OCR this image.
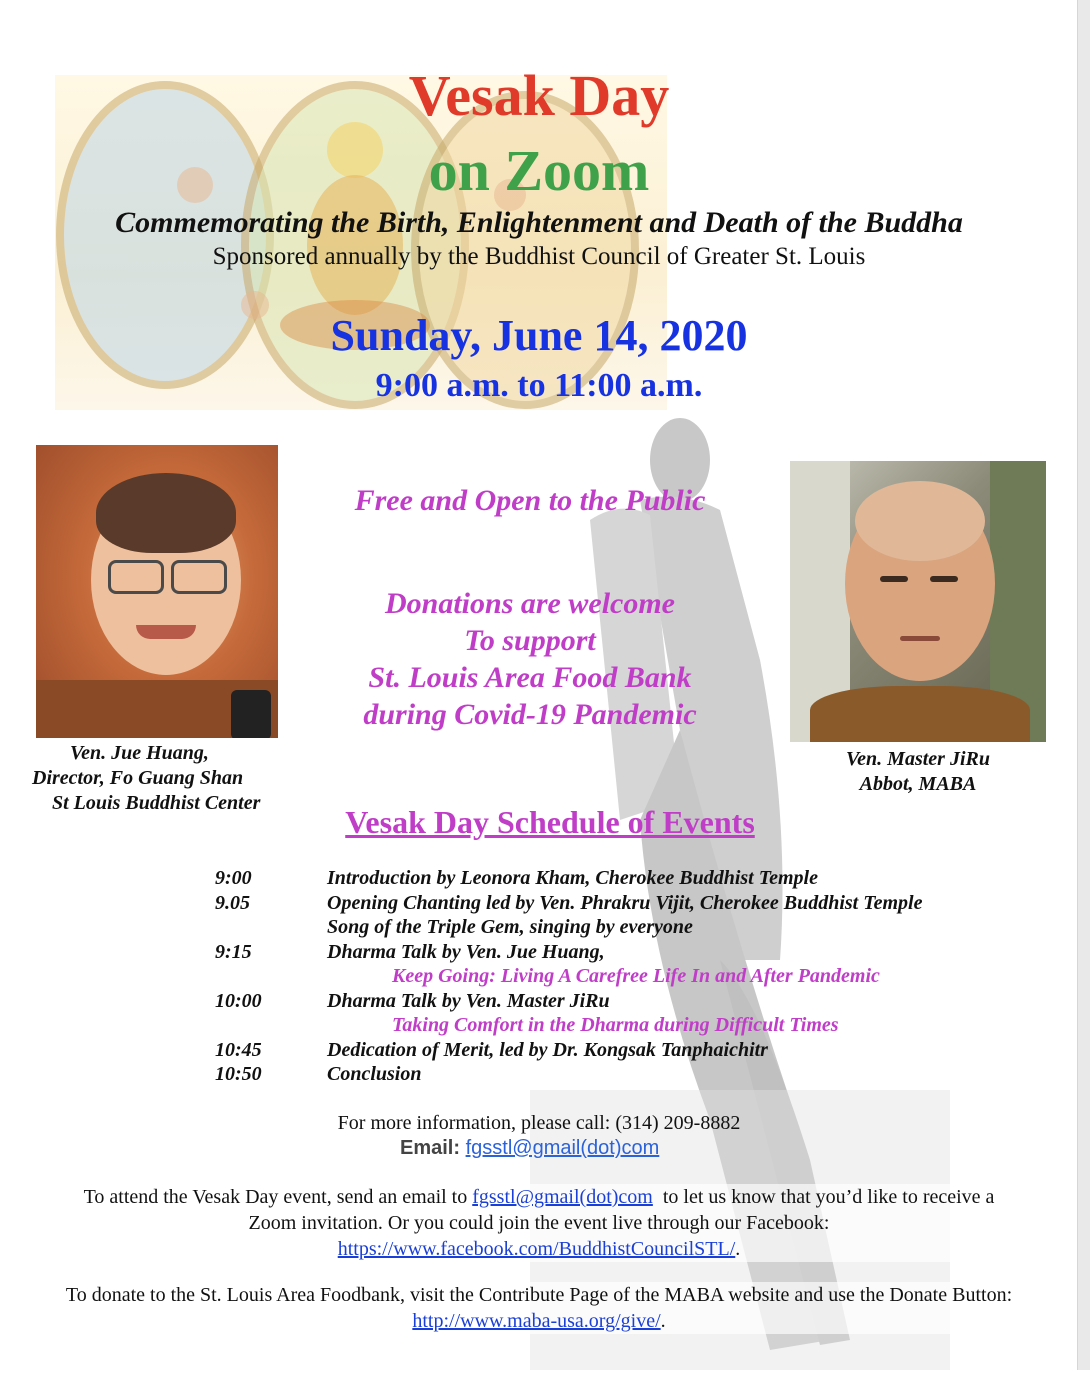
Vesak Day
on Zoom
Commemorating the Birth, Enlightenment and Death of the Buddha
Sponsored annually by the Buddhist Council of Greater St. Louis
Sunday, June 14, 2020
9:00 a.m. to 11:00 a.m.
Ven. Jue Huang,
Director, Fo Guang Shan
St Louis Buddhist Center
Ven. Master JiRu
Abbot, MABA
Free and Open to the Public
Donations are welcome
To support
St. Louis Area Food Bank
during Covid-19 Pandemic
Vesak Day Schedule of Events
9:00	Introduction by Leonora Kham, Cherokee Buddhist Temple
9.05	Opening Chanting led by Ven. Phrakru Vijit, Cherokee Buddhist Temple
Song of the Triple Gem, singing by everyone
9:15	Dharma Talk by Ven. Jue Huang,
Keep Going: Living A Carefree Life In and After Pandemic
10:00	Dharma Talk by Ven. Master JiRu
Taking Comfort in the Dharma during Difficult Times
10:45	Dedication of Merit, led by Dr. Kongsak Tanphaichitr
10:50	Conclusion
For more information, please call: (314) 209-8882
Email: fgsstl@gmail(dot)com
To attend the Vesak Day event, send an email to fgsstl@gmail(dot)com to let us know that you’d like to receive a Zoom invitation. Or you could join the event live through our Facebook:
https://www.facebook.com/BuddhistCouncilSTL/.
To donate to the St. Louis Area Foodbank, visit the Contribute Page of the MABA website and use the Donate Button: http://www.maba-usa.org/give/.
